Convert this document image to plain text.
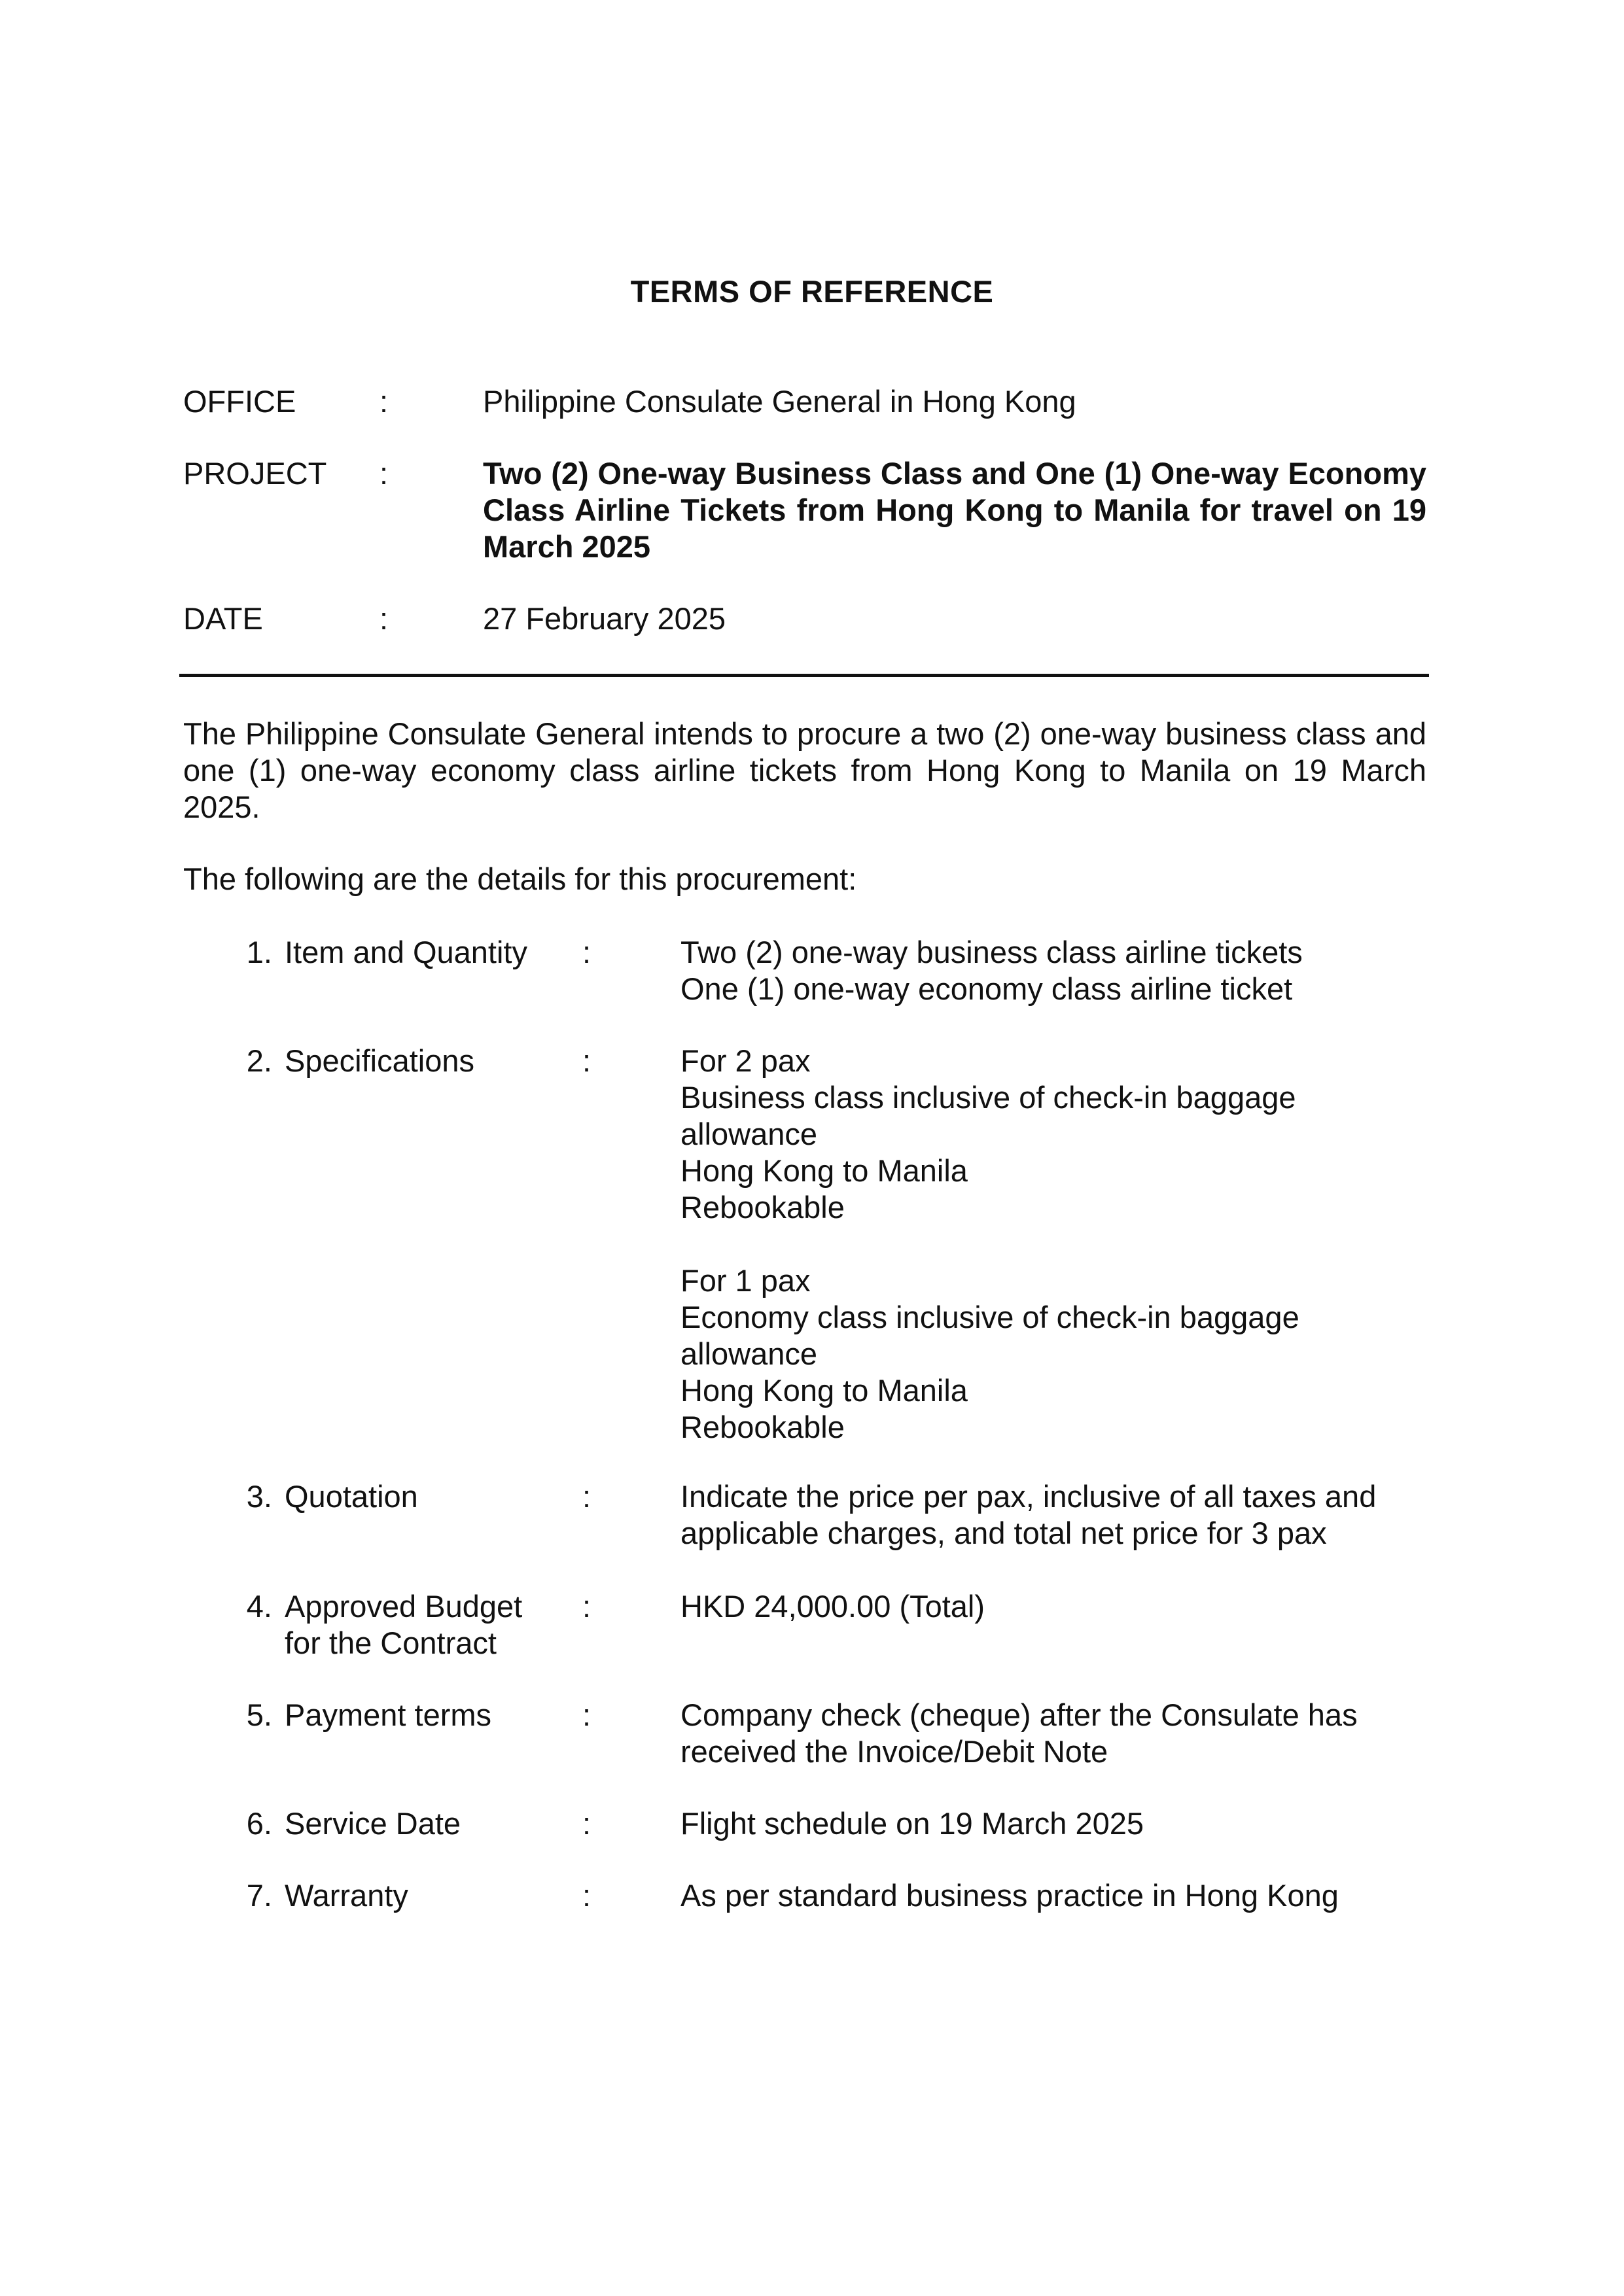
TERMS OF REFERENCE
OFFICE	:	Philippine Consulate General in Hong Kong
PROJECT :	Two (2) One-way Business Class and One (1) One-way Economy Class Airline Tickets from Hong Kong to Manila for travel on 19 March 2025
DATE	:	27 February 2025

The Philippine Consulate General intends to procure a two (2) one-way business class and one (1) one-way economy class airline tickets from Hong Kong to Manila on 19 March 2025.

The following are the details for this procurement:

1. Item and Quantity	:	Two (2) one-way business class airline tickets
One (1) one-way economy class airline ticket
2. Specifications	:	For 2 pax
Business class inclusive of check-in baggage
allowance
Hong Kong to Manila
Rebookable
For 1 pax
Economy class inclusive of check-in baggage
allowance
Hong Kong to Manila
Rebookable
3. Quotation	:	Indicate the price per pax, inclusive of all taxes and
applicable charges, and total net price for 3 pax
4. Approved Budget
for the Contract
:	HKD 24,000.00 (Total)
5. Payment terms	:	Company check (cheque) after the Consulate has
received the Invoice/Debit Note
6. Service Date	:	Flight schedule on 19 March 2025
7. Warranty	:	As per standard business practice in Hong Kong
